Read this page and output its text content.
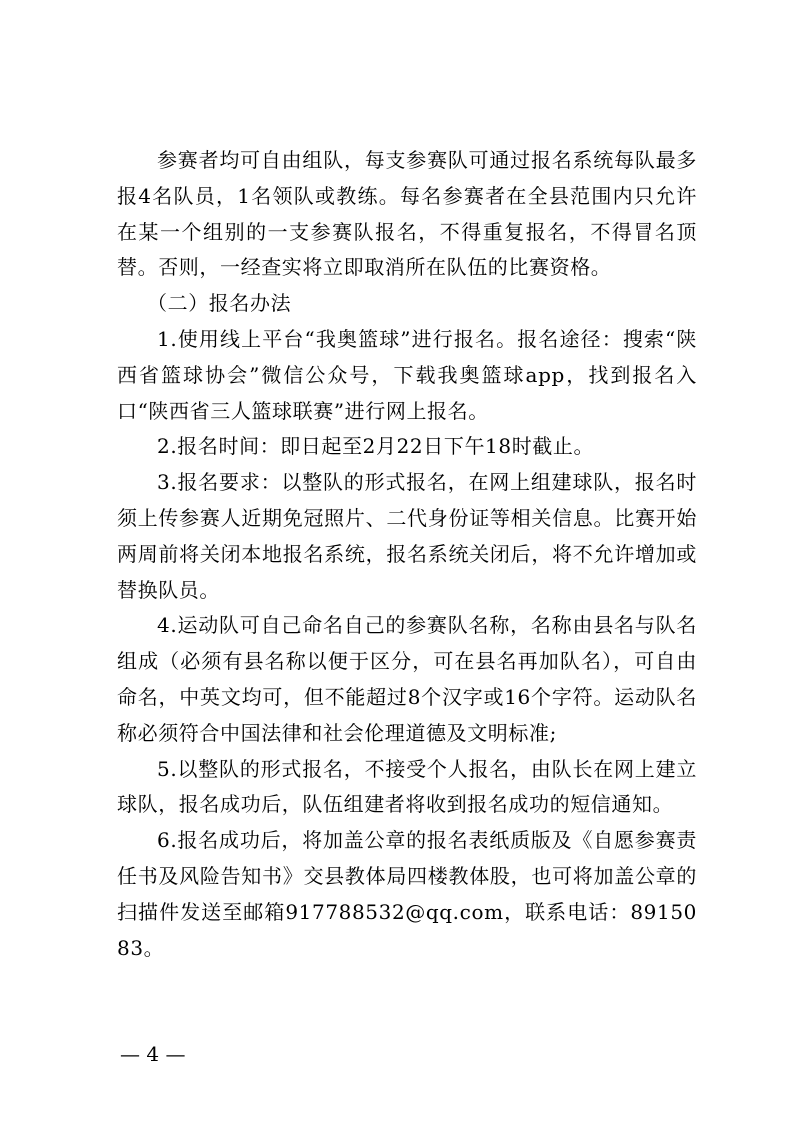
参赛者均可自由组队，每支参赛队可通过报名系统每队最多报4名队员，1名领队或教练。每名参赛者在全县范围内只允许在某一个组别的一支参赛队报名，不得重复报名，不得冒名顶替。否则，一经查实将立即取消所在队伍的比赛资格。

（二）报名办法

1.使用线上平台“我奥篮球”进行报名。报名途径：搜索“陕西省篮球协会”微信公众号，下载我奥篮球app，找到报名入口“陕西省三人篮球联赛”进行网上报名。

2.报名时间：即日起至2月22日下午18时截止。

3.报名要求：以整队的形式报名，在网上组建球队，报名时须上传参赛人近期免冠照片、二代身份证等相关信息。比赛开始两周前将关闭本地报名系统，报名系统关闭后，将不允许增加或替换队员。

4.运动队可自己命名自己的参赛队名称，名称由县名与队名组成（必须有县名称以便于区分，可在县名再加队名），可自由命名，中英文均可，但不能超过8个汉字或16个字符。运动队名称必须符合中国法律和社会伦理道德及文明标准;

5.以整队的形式报名，不接受个人报名，由队长在网上建立球队，报名成功后，队伍组建者将收到报名成功的短信通知。

6.报名成功后，将加盖公章的报名表纸质版及《自愿参赛责任书及风险告知书》交县教体局四楼教体股，也可将加盖公章的扫描件发送至邮箱917788532@qq.com，联系电话：8915083。

— 4 —
